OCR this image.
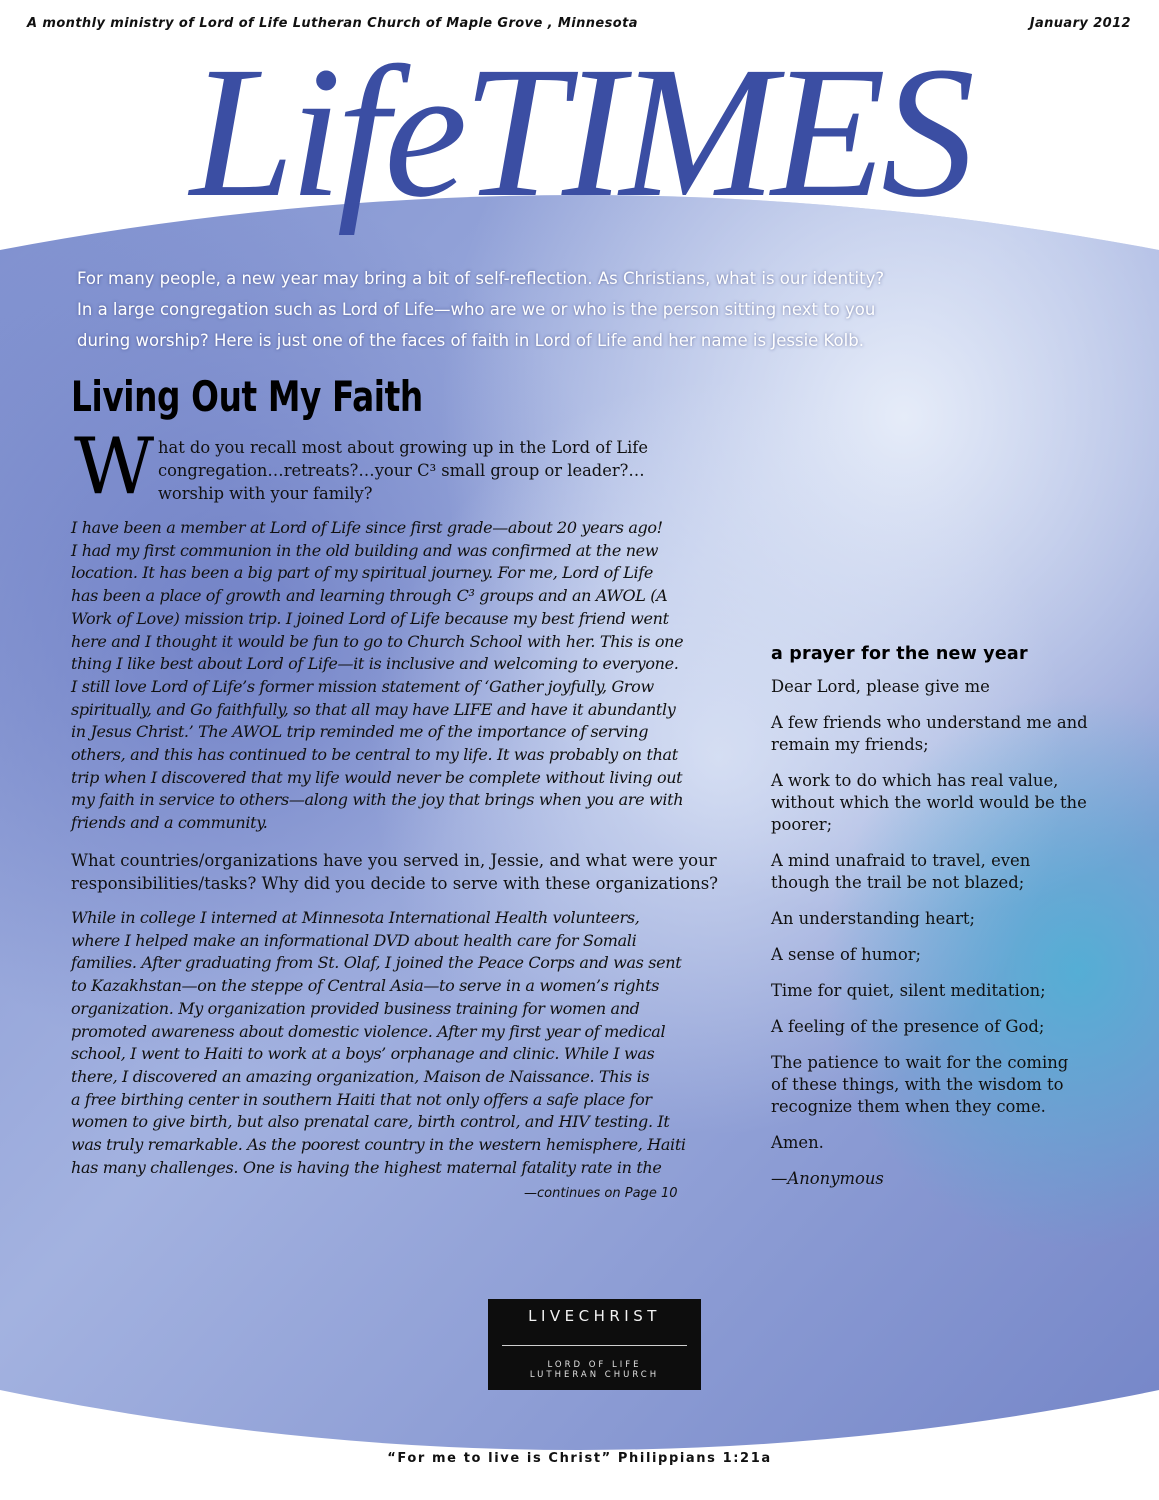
A monthly ministry of Lord of Life Lutheran Church of Maple Grove , Minnesota	January 2012
LifeTIMES
For many people, a new year may bring a bit of self-reflection. As Christians, what is our identity?
In a large congregation such as Lord of Life—who are we or who is the person sitting next to you
during worship? Here is just one of the faces of faith in Lord of Life and her name is Jessie Kolb.
Living Out My Faith
W hat do you recall most about growing up in the Lord of Life
congregation…retreats?…your C³ small group or leader?…
worship with your family?
I have been a member at Lord of Life since first grade—about 20 years ago!
I had my first communion in the old building and was confirmed at the new
location. It has been a big part of my spiritual journey. For me, Lord of Life
has been a place of growth and learning through C³ groups and an AWOL (A
Work of Love) mission trip. I joined Lord of Life because my best friend went
here and I thought it would be fun to go to Church School with her. This is one
thing I like best about Lord of Life—it is inclusive and welcoming to everyone.
I still love Lord of Life’s former mission statement of ‘Gather joyfully, Grow
spiritually, and Go faithfully, so that all may have LIFE and have it abundantly
in Jesus Christ.’ The AWOL trip reminded me of the importance of serving
others, and this has continued to be central to my life. It was probably on that
trip when I discovered that my life would never be complete without living out
my faith in service to others—along with the joy that brings when you are with
friends and a community.
What countries/organizations have you served in, Jessie, and what were your
responsibilities/tasks? Why did you decide to serve with these organizations?
While in college I interned at Minnesota International Health volunteers,
where I helped make an informational DVD about health care for Somali
families. After graduating from St. Olaf, I joined the Peace Corps and was sent
to Kazakhstan—on the steppe of Central Asia—to serve in a women’s rights
organization. My organization provided business training for women and
promoted awareness about domestic violence. After my first year of medical
school, I went to Haiti to work at a boys’ orphanage and clinic. While I was
there, I discovered an amazing organization, Maison de Naissance. This is
a free birthing center in southern Haiti that not only offers a safe place for
women to give birth, but also prenatal care, birth control, and HIV testing. It
was truly remarkable. As the poorest country in the western hemisphere, Haiti
has many challenges. One is having the highest maternal fatality rate in the
—continues on Page 10
a prayer for the new year
Dear Lord, please give me
A few friends who understand me and
remain my friends;
A work to do which has real value,
without which the world would be the
poorer;
A mind unafraid to travel, even
though the trail be not blazed;
An understanding heart;
A sense of humor;
Time for quiet, silent meditation;
A feeling of the presence of God;
The patience to wait for the coming
of these things, with the wisdom to
recognize them when they come.
Amen.
—Anonymous
LIVECHRIST
LORD OF LIFE
LUTHERAN CHURCH
“For me to live is Christ” Philippians 1:21a
